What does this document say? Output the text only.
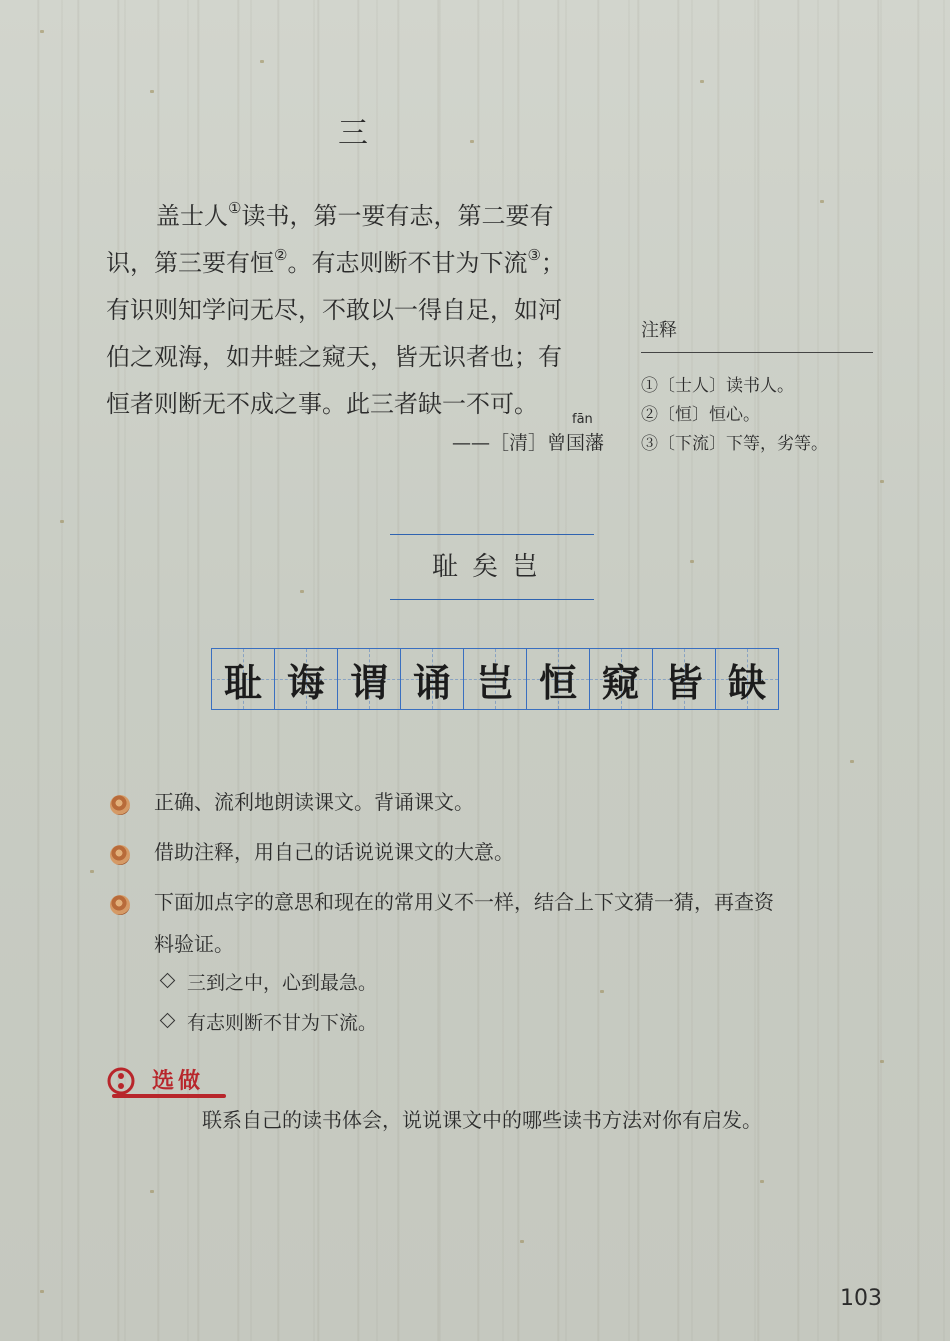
三
盖士人①读书，第一要有志，第二要有
识，第三要有恒②。有志则断不甘为下流③；
有识则知学问无尽，不敢以一得自足，如河
伯之观海，如井蛙之窥天，皆无识者也；有
恒者则断无不成之事。此三者缺一不可。
fān
——［清］曾国藩
注释
①〔士人〕读书人。
②〔恒〕恒心。
③〔下流〕下等，劣等。
耻矣岂
耻 诲 谓 诵 岂 恒 窥 皆 缺
正确、流利地朗读课文。背诵课文。
借助注释，用自己的话说说课文的大意。
下面加点字的意思和现在的常用义不一样，结合上下文猜一猜，再查资
料验证。
三到之中，心到最急。
有志则断不甘为下流。
选做
联系自己的读书体会，说说课文中的哪些读书方法对你有启发。
103
